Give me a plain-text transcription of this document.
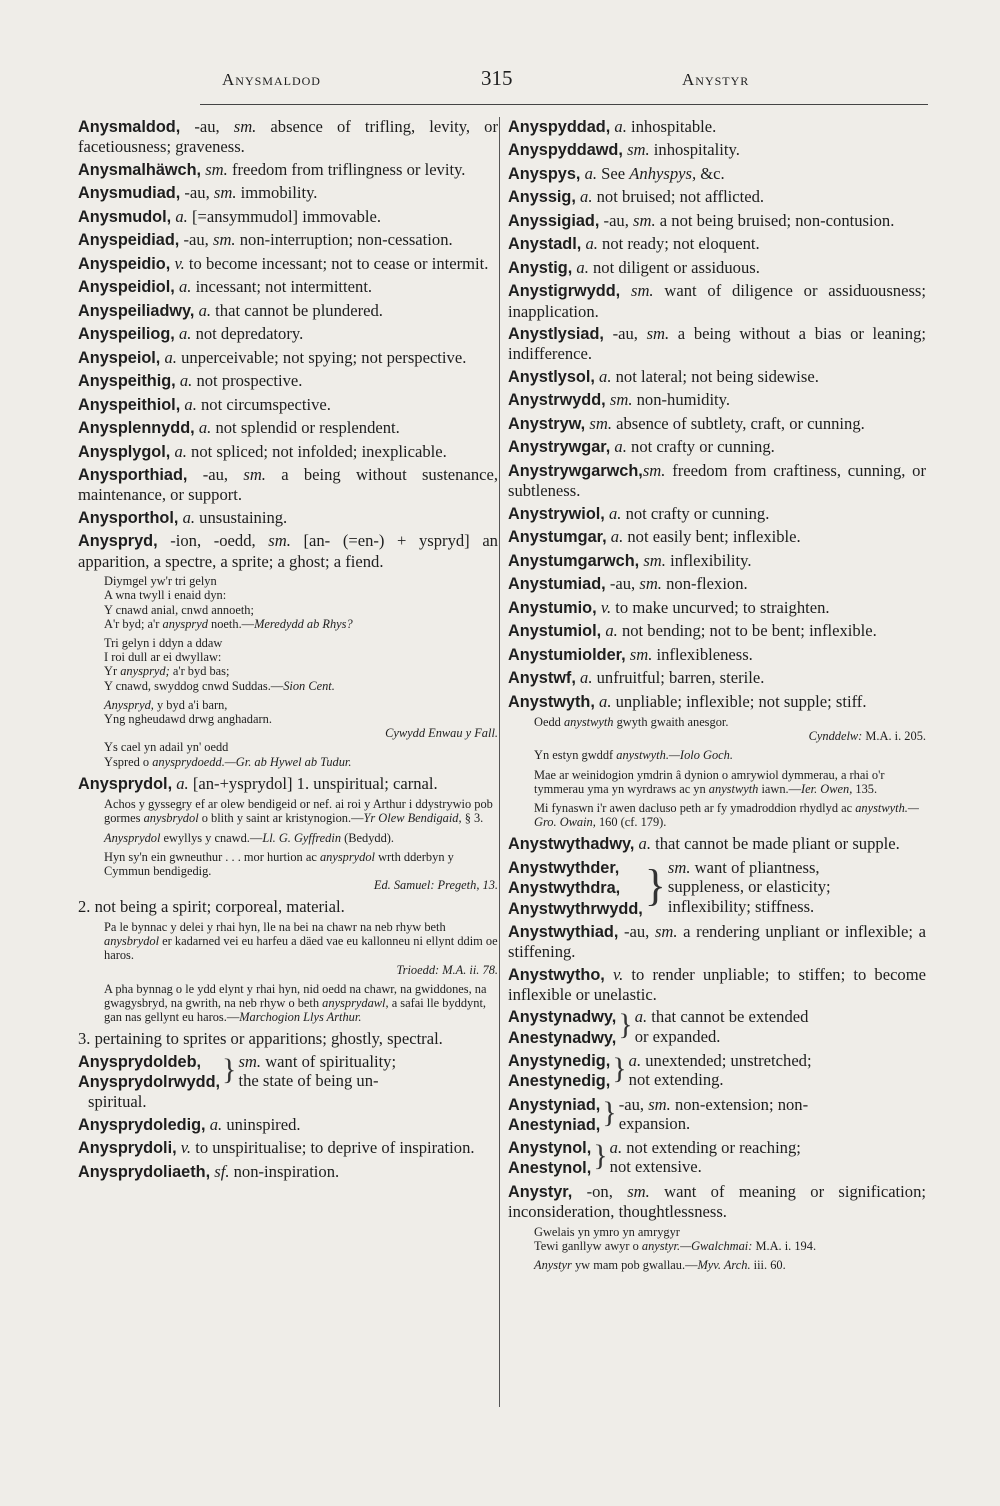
Anysmaldod	315	Anystyr
Anysmaldod, -au, sm. absence of trifling, levity, or facetiousness; graveness.
Anysmalhäwch, sm. freedom from triflingness or levity.
Anysmudiad, -au, sm. immobility.
Anysmudol, a. [=ansymmudol] immovable.
Anyspeidiad, -au, sm. non-interruption; non-cessation.
Anyspeidio, v. to become incessant; not to cease or intermit.
Anyspeidiol, a. incessant; not intermittent.
Anyspeiliadwy, a. that cannot be plundered.
Anyspeiliog, a. not depredatory.
Anyspeiol, a. unperceivable; not spying; not perspective.
Anyspeithig, a. not prospective.
Anyspeithiol, a. not circumspective.
Anysplennydd, a. not splendid or resplendent.
Anysplygol, a. not spliced; not infolded; inexplicable.
Anysporthiad, -au, sm. a being without sustenance, maintenance, or support.
Anysporthol, a. unsustaining.
Anyspryd, -ion, -oedd, sm. [an- (=en-) + yspryd] an apparition, a spectre, a sprite; a ghost; a fiend.
Diymgel yw'r tri gelyn
A wna twyll i enaid dyn:
Y cnawd anial, cnwd annoeth;
A'r byd; a'r anyspryd noeth.—Meredydd ab Rhys?
Tri gelyn i ddyn a ddaw
I roi dull ar ei dwyllaw:
Yr anyspryd; a'r byd bas;
Y cnawd, swyddog cnwd Suddas.—Sion Cent.
Anyspryd, y byd a'i barn,
Yng ngheudawd drwg anghadarn.
Cywydd Enwau y Fall.
Ys cael yn adail yn' oedd
Yspred o anysprydoedd.—Gr. ab Hywel ab Tudur.
Anysprydol, a. [an-+ysprydol] 1. unspiritual; carnal.
Achos y gyssegry ef ar olew bendigeid or nef. ai roi y Arthur i ddystrywio pob gormes anysbrydol o blith y saint ar kristynogion.—Yr Olew Bendigaid, § 3.
Anysprydol ewyllys y cnawd.—Ll. G. Gyffredin (Bedydd).
Hyn sy'n ein gwneuthur . . . mor hurtion ac anysprydol wrth dderbyn y Cymmun bendigedig.
Ed. Samuel: Pregeth, 13.
2. not being a spirit; corporeal, material.
Pa le bynnac y delei y rhai hyn, lle na bei na chawr na neb rhyw beth anysbrydol er kadarned vei eu harfeu a däed vae eu kallonneu ni ellynt ddim oe haros.
Trioedd: M.A. ii. 78.
A pha bynnag o le ydd elynt y rhai hyn, nid oedd na chawr, na gwiddones, na gwagysbryd, na gwrith, na neb rhyw o beth anysprydawl, a safai lle byddynt, gan nas gellynt eu haros.—Marchogion Llys Arthur.
3. pertaining to sprites or apparitions; ghostly, spectral.
Anysprydoldeb,
Anysprydolrwydd,} sm. want of spirituality;
the state of being un-
spiritual.
Anysprydoledig, a. uninspired.
Anysprydoli, v. to unspiritualise; to deprive of inspiration.
Anysprydoliaeth, sf. non-inspiration.
Anyspyddad, a. inhospitable.
Anyspyddawd, sm. inhospitality.
Anyspys, a. See Anhyspys, &c.
Anyssig, a. not bruised; not afflicted.
Anyssigiad, -au, sm. a not being bruised; non-contusion.
Anystadl, a. not ready; not eloquent.
Anystig, a. not diligent or assiduous.
Anystigrwydd, sm. want of diligence or assiduousness; inapplication.
Anystlysiad, -au, sm. a being without a bias or leaning; indifference.
Anystlysol, a. not lateral; not being sidewise.
Anystrwydd, sm. non-humidity.
Anystryw, sm. absence of subtlety, craft, or cunning.
Anystrywgar, a. not crafty or cunning.
Anystrywgarwch,sm. freedom from craftiness, cunning, or subtleness.
Anystrywiol, a. not crafty or cunning.
Anystumgar, a. not easily bent; inflexible.
Anystumgarwch, sm. inflexibility.
Anystumiad, -au, sm. non-flexion.
Anystumio, v. to make uncurved; to straighten.
Anystumiol, a. not bending; not to be bent; inflexible.
Anystumiolder, sm. inflexibleness.
Anystwf, a. unfruitful; barren, sterile.
Anystwyth, a. unpliable; inflexible; not supple; stiff.
Oedd anystwyth gwyth gwaith anesgor.
Cynddelw: M.A. i. 205.
Yn estyn gwddf anystwyth.—Iolo Goch.
Mae ar weinidogion ymdrin â dynion o amrywiol dymmerau, a rhai o'r tymmerau yma yn wyrdraws ac yn anystwyth iawn.—Ier. Owen, 135.
Mi fynaswn i'r awen dacluso peth ar fy ymadroddion rhydlyd ac anystwyth.—Gro. Owain, 160 (cf. 179).
Anystwythadwy, a. that cannot be made pliant or supple.
Anystwythder,
Anystwythdra,
Anystwythrwydd,} sm. want of pliantness,
suppleness, or elasticity;
inflexibility; stiffness.
Anystwythiad, -au, sm. a rendering unpliant or inflexible; a stiffening.
Anystwytho, v. to render unpliable; to stiffen; to become inflexible or unelastic.
Anystynadwy,
Anestynadwy,} a. that cannot be extended
or expanded.
Anystynedig,
Anestynedig,} a. unextended; unstretched;
not extending.
Anystyniad,
Anestyniad,} -au, sm. non-extension; non-
expansion.
Anystynol,
Anestynol,} a. not extending or reaching;
not extensive.
Anystyr, -on, sm. want of meaning or signification; inconsideration, thoughtlessness.
Gwelais yn ymro yn amrygyr
Tewi ganllyw awyr o anystyr.—Gwalchmai: M.A. i. 194.
Anystyr yw mam pob gwallau.—Myv. Arch. iii. 60.
